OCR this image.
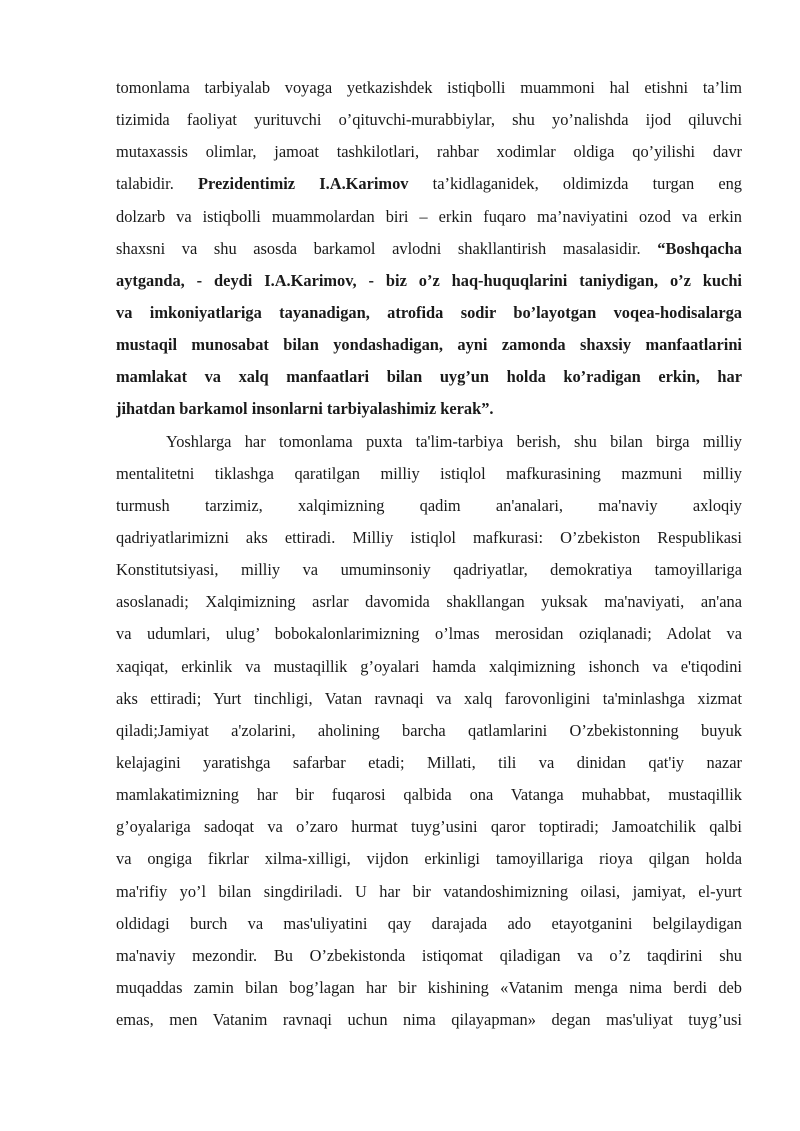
tomonlama tarbiyalab voyaga yetkazishdek istiqbolli muammoni hal etishni ta’lim
tizimida faoliyat yurituvchi o’qituvchi-murabbiylar, shu yo’nalishda ijod qiluvchi
mutaxassis olimlar, jamoat tashkilotlari, rahbar xodimlar oldiga qo’yilishi davr
talabidir. Prezidentimiz I.A.Karimov ta’kidlaganidek, oldimizda turgan eng
dolzarb va istiqbolli muammolardan biri – erkin fuqaro ma’naviyatini ozod va erkin
shaxsni va shu asosda barkamol avlodni shakllantirish masalasidir. “Boshqacha
aytganda, - deydi I.A.Karimov, - biz o’z haq-huquqlarini taniydigan, o’z kuchi
va imkoniyatlariga tayanadigan, atrofida sodir bo’layotgan voqea-hodisalarga
mustaqil munosabat bilan yondashadigan, ayni zamonda shaxsiy manfaatlarini
mamlakat va xalq manfaatlari bilan uyg’un holda ko’radigan erkin, har
jihatdan barkamol insonlarni tarbiyalashimiz kerak”.
Yoshlarga har tomonlama puxta ta'lim-tarbiya berish, shu bilan birga milliy
mentalitetni tiklashga qaratilgan milliy istiqlol mafkurasining mazmuni milliy
turmush tarzimiz, xalqimizning qadim an'analari, ma'naviy axloqiy
qadriyatlarimizni aks ettiradi. Milliy istiqlol mafkurasi: O’zbekiston Respublikasi
Konstitutsiyasi, milliy va umuminsoniy qadriyatlar, demokratiya tamoyillariga
asoslanadi; Xalqimizning asrlar davomida shakllangan yuksak ma'naviyati, an'ana
va udumlari, ulug’ bobokalonlarimizning o’lmas merosidan oziqlanadi; Adolat va
xaqiqat, erkinlik va mustaqillik g’oyalari hamda xalqimizning ishonch va e'tiqodini
aks ettiradi; Yurt tinchligi, Vatan ravnaqi va xalq farovonligini ta'minlashga xizmat
qiladi;Jamiyat a'zolarini, aholining barcha qatlamlarini O’zbekistonning buyuk
kelajagini yaratishga safarbar etadi; Millati, tili va dinidan qat'iy nazar
mamlakatimizning har bir fuqarosi qalbida ona Vatanga muhabbat, mustaqillik
g’oyalariga sadoqat va o’zaro hurmat tuyg’usini qaror toptiradi; Jamoatchilik qalbi
va ongiga fikrlar xilma-xilligi, vijdon erkinligi tamoyillariga rioya qilgan holda
ma'rifiy yo’l bilan singdiriladi. U har bir vatandoshimizning oilasi, jamiyat, el-yurt
oldidagi burch va mas'uliyatini qay darajada ado etayotganini belgilaydigan
ma'naviy mezondir. Bu O’zbekistonda istiqomat qiladigan va o’z taqdirini shu
muqaddas zamin bilan bog’lagan har bir kishining «Vatanim menga nima berdi deb
emas, men Vatanim ravnaqi uchun nima qilayapman» degan mas'uliyat tuyg’usi
